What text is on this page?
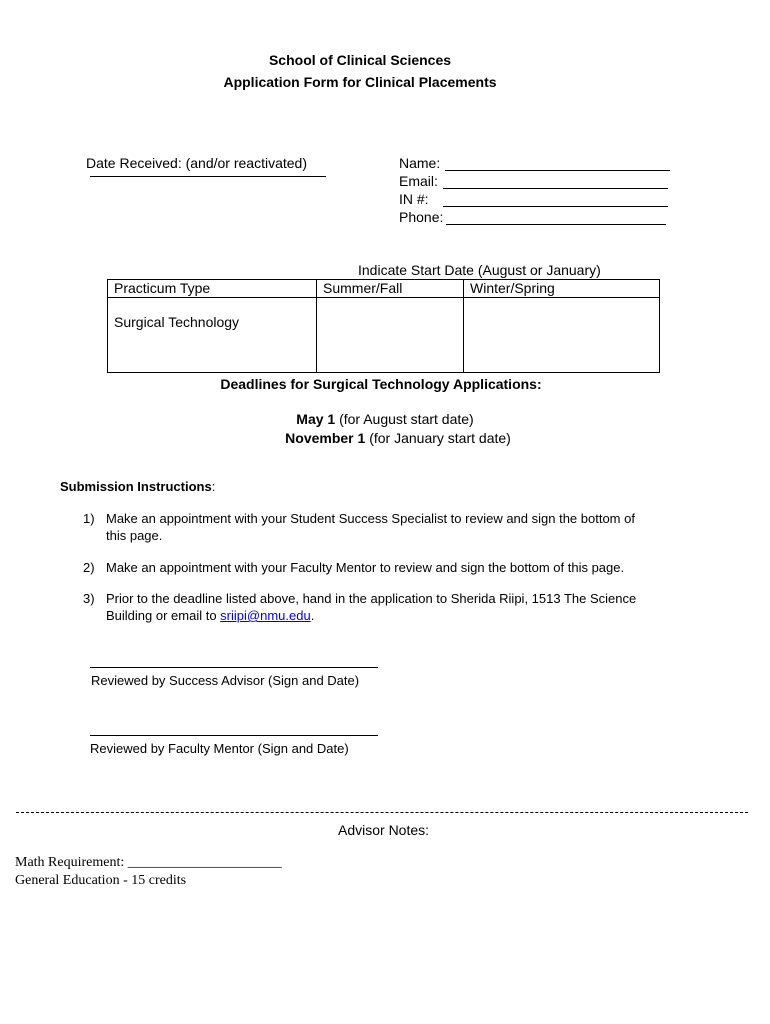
School of Clinical Sciences
Application Form for Clinical Placements
Date Received: (and/or reactivated)	Name:
Email:
IN #:
Phone:
Indicate Start Date (August or January)
Practicum Type	Summer/Fall	Winter/Spring
Surgical Technology		
Deadlines for Surgical Technology Applications:
May 1 (for August start date)
November 1 (for January start date)
Submission Instructions:
1) Make an appointment with your Student Success Specialist to review and sign the bottom of
this page.
2) Make an appointment with your Faculty Mentor to review and sign the bottom of this page.
3) Prior to the deadline listed above, hand in the application to Sherida Riipi, 1513 The Science
Building or email to sriipi@nmu.edu.
Reviewed by Success Advisor (Sign and Date)
Reviewed by Faculty Mentor (Sign and Date)
Advisor Notes:
Math Requirement: ______________________
General Education - 15 credits
